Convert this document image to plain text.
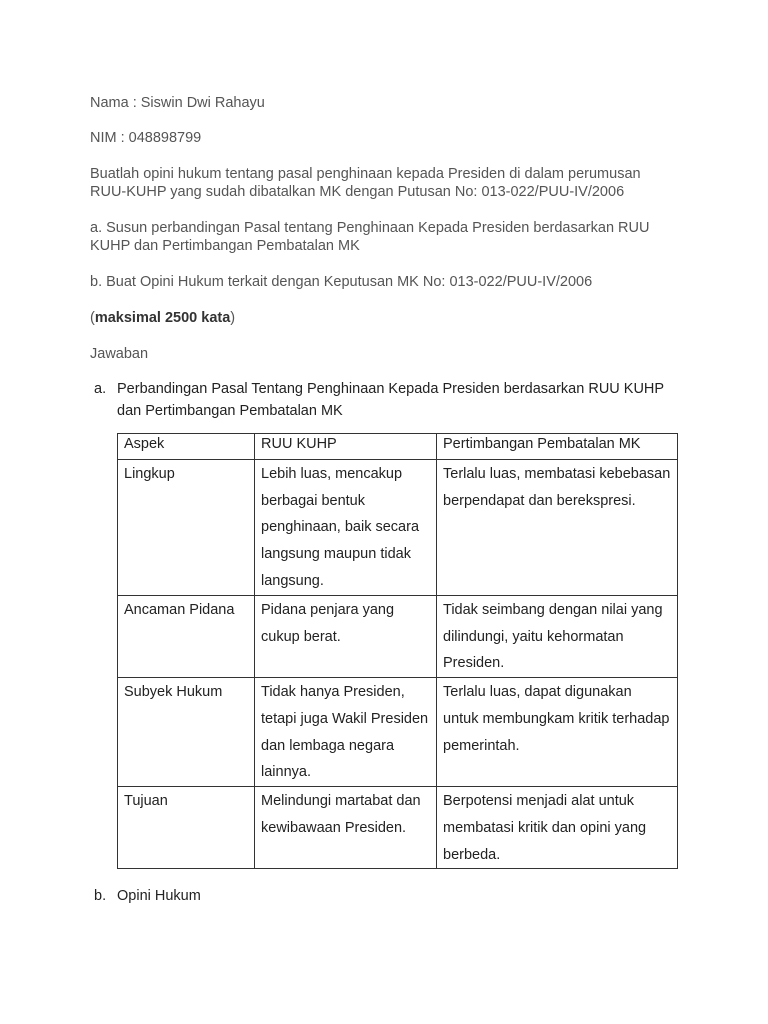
Nama : Siswin Dwi Rahayu

NIM : 048898799

Buatlah opini hukum tentang pasal penghinaan kepada Presiden di dalam perumusan RUU-KUHP yang sudah dibatalkan MK dengan Putusan No: 013-022/PUU-IV/2006

a. Susun perbandingan Pasal tentang Penghinaan Kepada Presiden berdasarkan RUU KUHP dan Pertimbangan Pembatalan MK

b. Buat Opini Hukum terkait dengan Keputusan MK No: 013-022/PUU-IV/2006

(maksimal 2500 kata)

Jawaban

a. Perbandingan Pasal Tentang Penghinaan Kepada Presiden berdasarkan RUU KUHP dan Pertimbangan Pembatalan MK
Aspek	RUU KUHP	Pertimbangan Pembatalan MK
Lingkup	Lebih luas, mencakup berbagai bentuk penghinaan, baik secara langsung maupun tidak langsung.	Terlalu luas, membatasi kebebasan berpendapat dan berekspresi.
Ancaman Pidana	Pidana penjara yang cukup berat.	Tidak seimbang dengan nilai yang dilindungi, yaitu kehormatan Presiden.
Subyek Hukum	Tidak hanya Presiden, tetapi juga Wakil Presiden dan lembaga negara lainnya.	Terlalu luas, dapat digunakan untuk membungkam kritik terhadap pemerintah.
Tujuan	Melindungi martabat dan kewibawaan Presiden.	Berpotensi menjadi alat untuk membatasi kritik dan opini yang berbeda.
b. Opini Hukum
